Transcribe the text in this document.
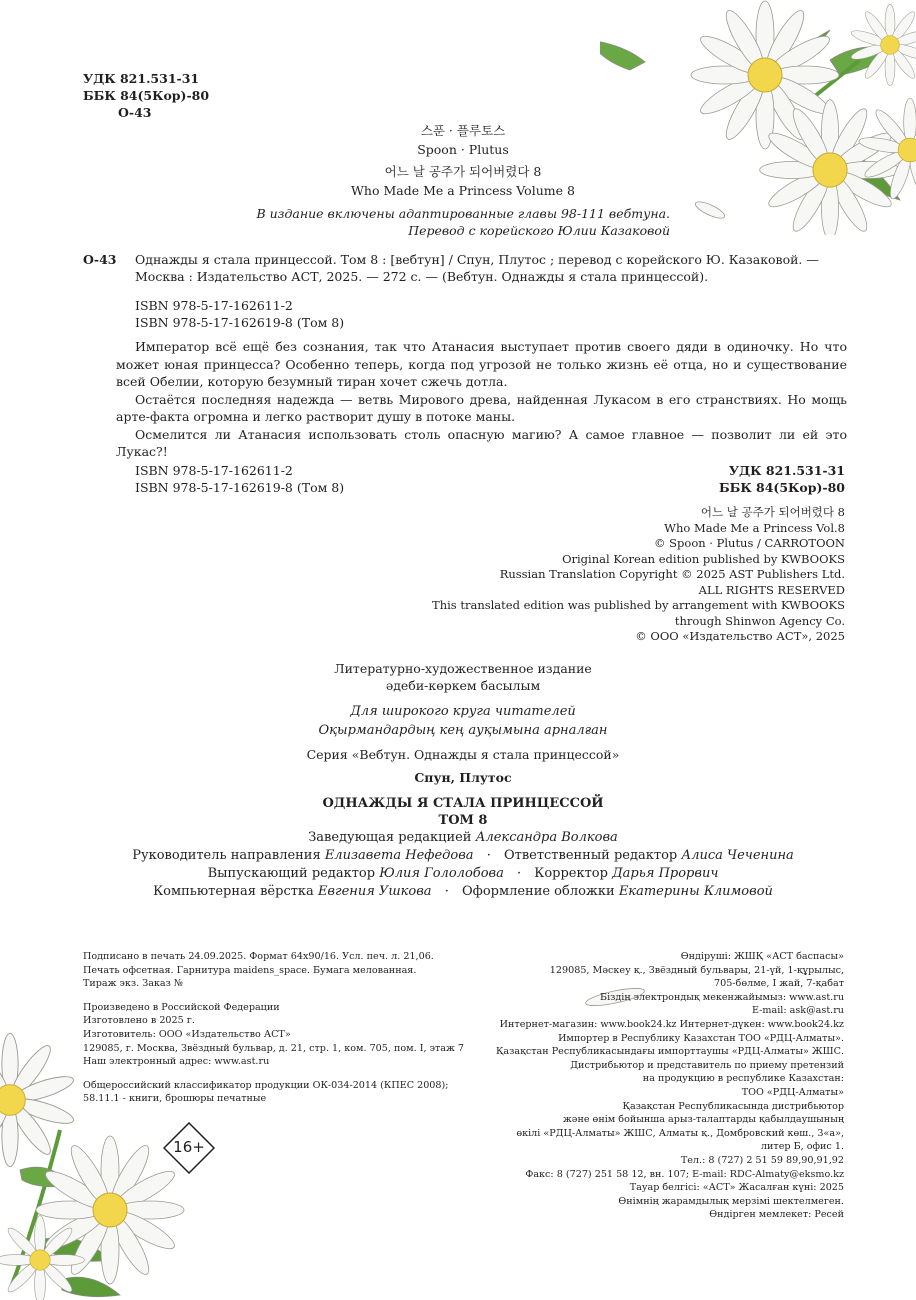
УДК 821.531-31
ББК 84(5Кор)-80
О-43
스푼 · 플루토스
Spoon · Plutus
어느 날 공주가 되어버렸다 8
Who Made Me a Princess Volume 8
В издание включены адаптированные главы 98-111 вебтуна.
Перевод с корейского Юлии Казаковой
О-43 Однажды я стала принцессой. Том 8 : [вебтун] / Спун, Плутос ; перевод с корейского Ю. Казаковой. —
Москва : Издательство АСТ, 2025. — 272 с. — (Вебтун. Однажды я стала принцессой).
ISBN 978-5-17-162611-2
ISBN 978-5-17-162619-8 (Том 8)

Император всё ещё без сознания, так что Атанасия выступает против своего дяди в одиночку. Но что может юная принцесса? Особенно теперь, когда под угрозой не только жизнь её отца, но и существование всей Обелии, которую безумный тиран хочет сжечь дотла.

Остаётся последняя надежда — ветвь Мирового древа, найденная Лукасом в его странствиях. Но мощь арте-факта огромна и легко растворит душу в потоке маны.

Осмелится ли Атанасия использовать столь опасную магию? А самое главное — позволит ли ей это Лукас?!

ISBN 978-5-17-162611-2
ISBN 978-5-17-162619-8 (Том 8)
УДК 821.531-31
ББК 84(5Кор)-80
어느 날 공주가 되어버렸다 8
Who Made Me a Princess Vol.8
© Spoon · Plutus / CARROTOON
Original Korean edition published by KWBOOKS
Russian Translation Copyright © 2025 AST Publishers Ltd.
ALL RIGHTS RESERVED
This translated edition was published by arrangement with KWBOOKS
through Shinwon Agency Co.
© ООО «Издательство АСТ», 2025
Литературно-художественное издание
әдеби-көркем басылым
Для широкого круга читателей
Оқырмандардың кең ауқымына арналған
Серия «Вебтун. Однажды я стала принцессой»
Спун, Плутос
ОДНАЖДЫ Я СТАЛА ПРИНЦЕССОЙ
ТОМ 8
Заведующая редакцией Александра Волкова
Руководитель направления Елизавета Нефедова · Ответственный редактор Алиса Чеченина
Выпускающий редактор Юлия Гололобова · Корректор Дарья Прорвич
Компьютерная вёрстка Евгения Ушкова · Оформление обложки Екатерины Климовой
Подписано в печать 24.09.2025. Формат 64x90/16. Усл. печ. л. 21,06.
Печать офсетная. Гарнитура maidens_space. Бумага мелованная.
Тираж экз. Заказ №
Произведено в Российской Федерации
Изготовлено в 2025 г.
Изготовитель: ООО «Издательство АСТ»
129085, г. Москва, Звёздный бульвар, д. 21, стр. 1, ком. 705, пом. I, этаж 7
Наш электронный адрес: www.ast.ru
Общероссийский классификатор продукции ОК-034-2014 (КПЕС 2008);
58.11.1 - книги, брошюры печатные
16+
Өндіруші: ЖШҚ «АСТ баспасы»
129085, Мәскеу қ., Звёздный бульвары, 21-үй, 1-құрылыс,
705-бөлме, I жай, 7-қабат
Біздің электрондық мекенжайымыз: www.ast.ru
E-mail: ask@ast.ru
Интернет-магазин: www.book24.kz Интернет-дүкен: www.book24.kz
Импортер в Республику Казахстан ТОО «РДЦ-Алматы».
Қазақстан Республикасындағы импорттаушы «РДЦ-Алматы» ЖШС.
Дистрибьютор и представитель по приему претензий
на продукцию в республике Казахстан:
ТОО «РДЦ-Алматы»
Қазақстан Республикасында дистрибьютор
және өнім бойынша арыз-талаптарды қабылдаушының
өкілі «РДЦ-Алматы» ЖШС, Алматы қ., Домбровский көш., 3«а»,
литер Б, офис 1.
Тел.: 8 (727) 2 51 59 89,90,91,92
Факс: 8 (727) 251 58 12, вн. 107; E-mail: RDC-Almaty@eksmo.kz
Тауар белгісі: «АСТ» Жасалған күні: 2025
Өнімнің жарамдылық мерзімі шектелмеген.
Өндірген мемлекет: Ресей
